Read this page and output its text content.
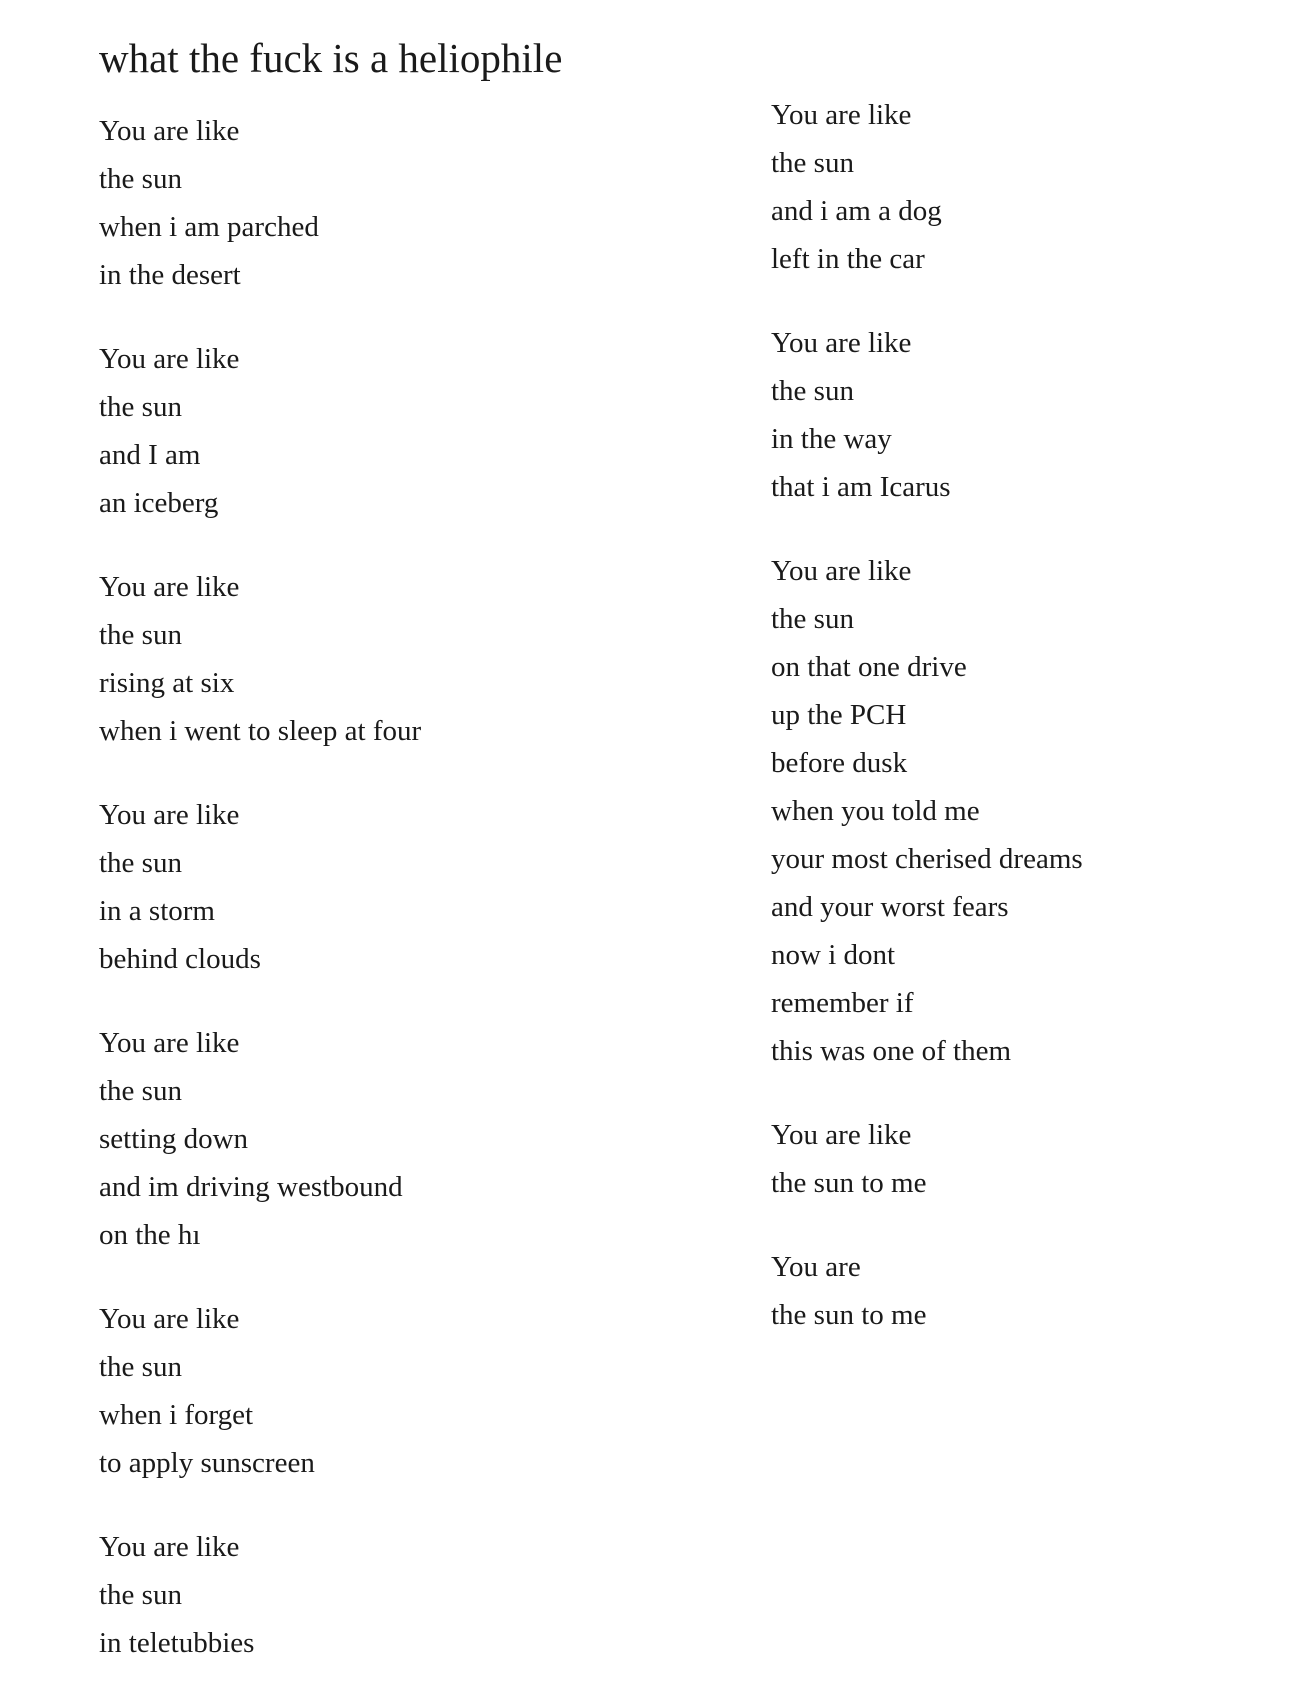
what the fuck is a heliophile
You are like
the sun
when i am parched
in the desert
You are like
the sun
and I am
an iceberg
You are like
the sun
rising at six
when i went to sleep at four
You are like
the sun
in a storm
behind clouds
You are like
the sun
setting down
and im driving westbound
on the hı
You are like
the sun
when i forget
to apply sunscreen
You are like
the sun
in teletubbies
You are like
the sun
and i am a dog
left in the car
You are like
the sun
in the way
that i am Icarus
You are like
the sun
on that one drive
up the PCH
before dusk
when you told me
your most cherised dreams
and your worst fears
now i dont
remember if
this was one of them
You are like
the sun to me
You are
the sun to me
